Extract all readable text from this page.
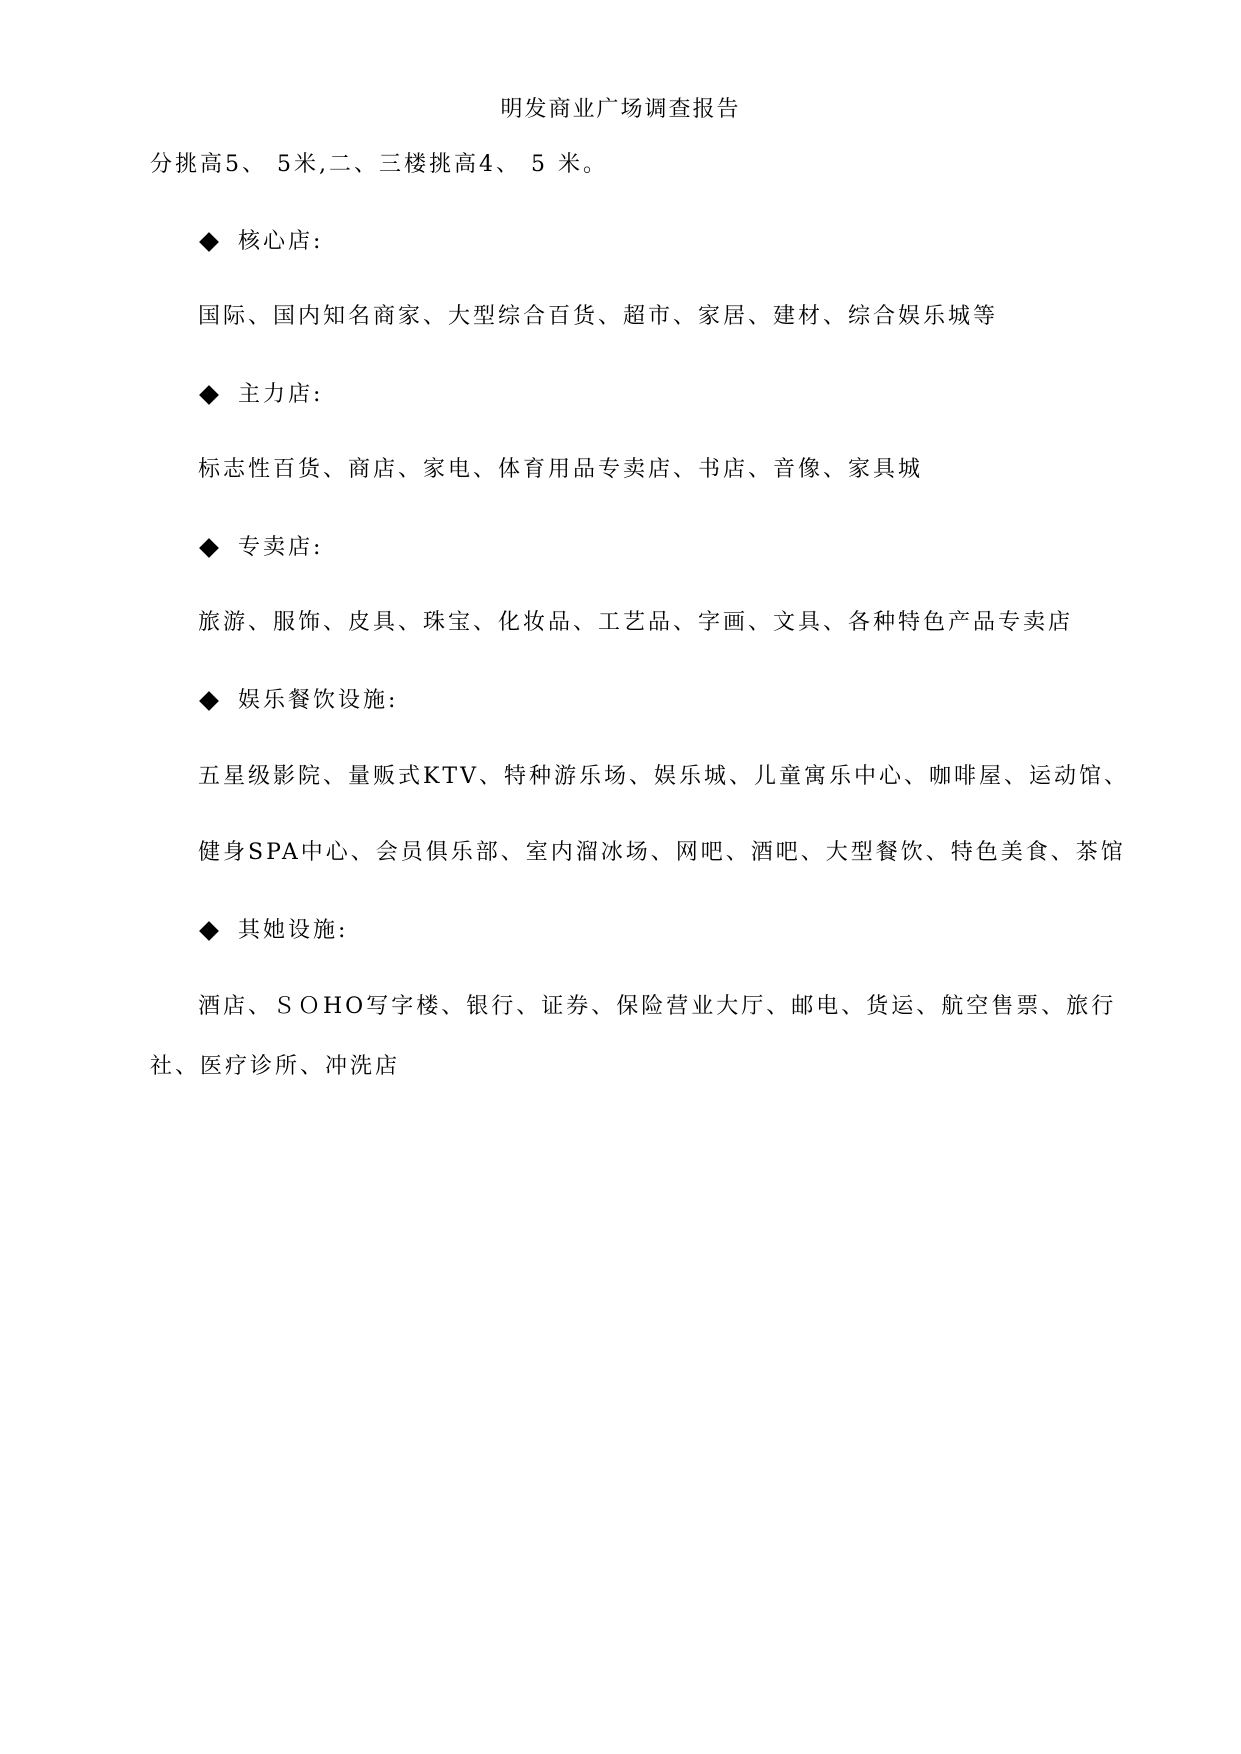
明发商业广场调查报告
分挑高5、 5米,二、三楼挑高4、 5 米。
核心店:
国际、国内知名商家、大型综合百货、超市、家居、建材、综合娱乐城等
主力店:
标志性百货、商店、家电、体育用品专卖店、书店、音像、家具城
专卖店:
旅游、服饰、皮具、珠宝、化妆品、工艺品、字画、文具、各种特色产品专卖店
娱乐餐饮设施:
五星级影院、量贩式KTV、特种游乐场、娱乐城、儿童寓乐中心、咖啡屋、运动馆、
健身SPA中心、会员俱乐部、室内溜冰场、网吧、酒吧、大型餐饮、特色美食、茶馆
其她设施:
酒店、ＳＯHO写字楼、银行、证券、保险营业大厅、邮电、货运、航空售票、旅行
社、医疗诊所、冲洗店
